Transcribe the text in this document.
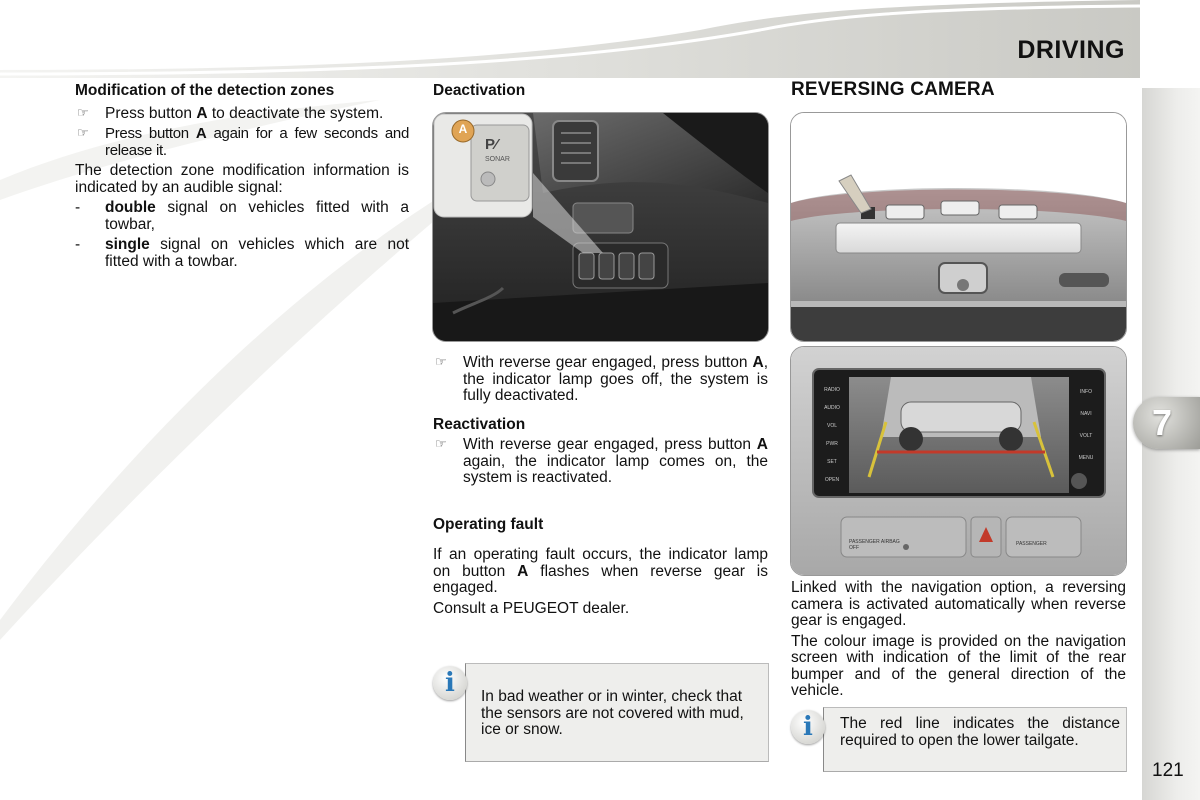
DRIVING
7

Modification of the detection zones

☞ Press button A to deactivate the system.
☞ Press button A again for a few seconds and release it.

The detection zone modification information is indicated by an audible signal:

- double signal on vehicles fitted with a towbar,
- single signal on vehicles which are not fitted with a towbar.

Deactivation

P⁄
SONAR
A
☞ With reverse gear engaged, press button A, the indicator lamp goes off, the system is fully deactivated.

Reactivation

☞ With reverse gear engaged, press button A again, the indicator lamp comes on, the system is reactivated.

Operating fault

If an operating fault occurs, the indicator lamp on button A flashes when reverse gear is engaged.

Consult a PEUGEOT dealer.

In bad weather or in winter, check that the sensors are not covered with mud, ice or snow.
i

REVERSING CAMERA

RADIO
AUDIO
VOL
PWR
SET
OPEN
INFO
NAVI
VOLT
MENU
PASSENGER AIRBAG OFF
PASSENGER

Linked with the navigation option, a reversing camera is activated automatically when reverse gear is engaged.

The colour image is provided on the navigation screen with indication of the limit of the rear bumper and of the general direction of the vehicle.

The red line indicates the distance required to open the lower tailgate.
i
121
